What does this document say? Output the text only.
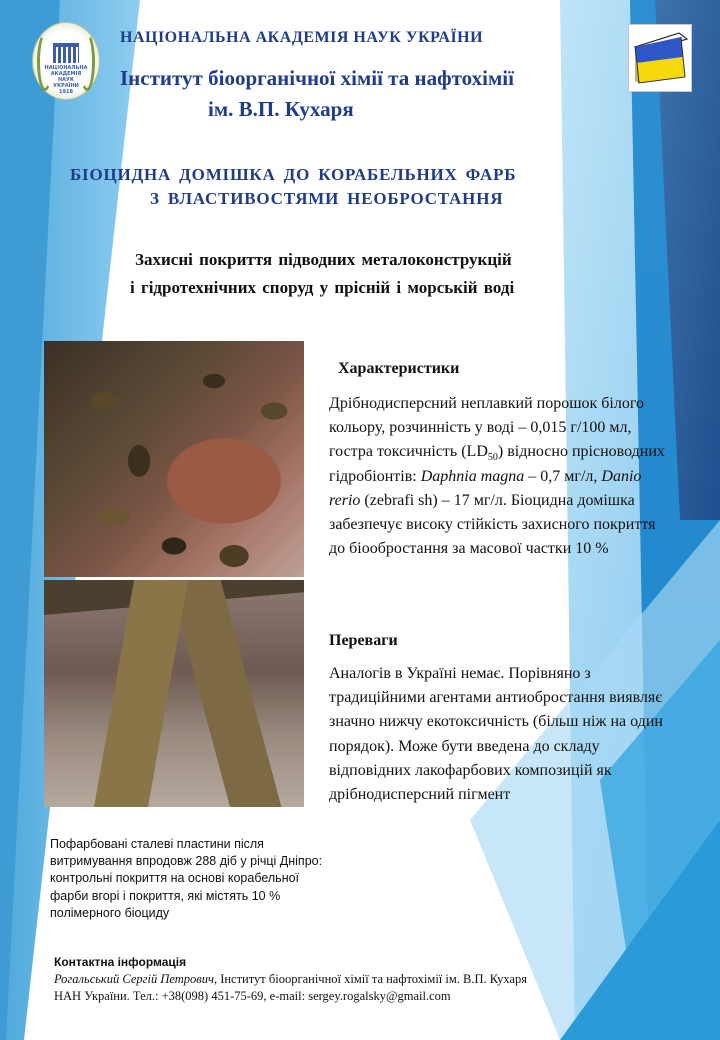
НАЦІОНАЛЬНА
АКАДЕМІЯ
НАУК
УКРАЇНИ
1918
НАЦІОНАЛЬНА АКАДЕМІЯ НАУК УКРАЇНИ
Інститут біоорганічної хімії та нафтохімії
ім. В.П. Кухаря
БІОЦИДНА ДОМІШКА ДО КОРАБЕЛЬНИХ ФАРБ
З ВЛАСТИВОСТЯМИ НЕОБРОСТАННЯ
Захисні покриття підводних металоконструкцій
і гідротехнічних споруд у прісній і морській воді
Характеристики
Дрібнодисперсний неплавкий порошок білого кольору, розчинність у воді – 0,015 г/100 мл, гостра токсичність $(LD_{50})$ відносно прісноводних гідробіонтів: Daphnia magna – 0,7 мг/л, Danio rerio (zebrafi sh) – 17 мг/л. Біоцидна домішка забезпечує високу стійкість захисного покриття до біообростання за масової частки 10 %
Переваги
Аналогів в Україні немає. Порівняно з традиційними агентами антиобростання виявляє значно нижчу екотоксичність (більш ніж на один порядок). Може бути введена до складу відповідних лакофарбових композицій як дрібнодисперсний пігмент
Пофарбовані сталеві пластини після
витримування впродовж 288 діб у річці Дніпро:
контрольні покриття на основі корабельної
фарби вгорі і покриття, які містять 10 %
полімерного біоциду
Контактна інформація
Рогальський Сергій Петрович, Інститут біоорганічної хімії та нафтохімії ім. В.П. Кухаря
НАН України. Тел.: +38(098) 451-75-69, e-mail: sergey.rogalsky@gmail.com
